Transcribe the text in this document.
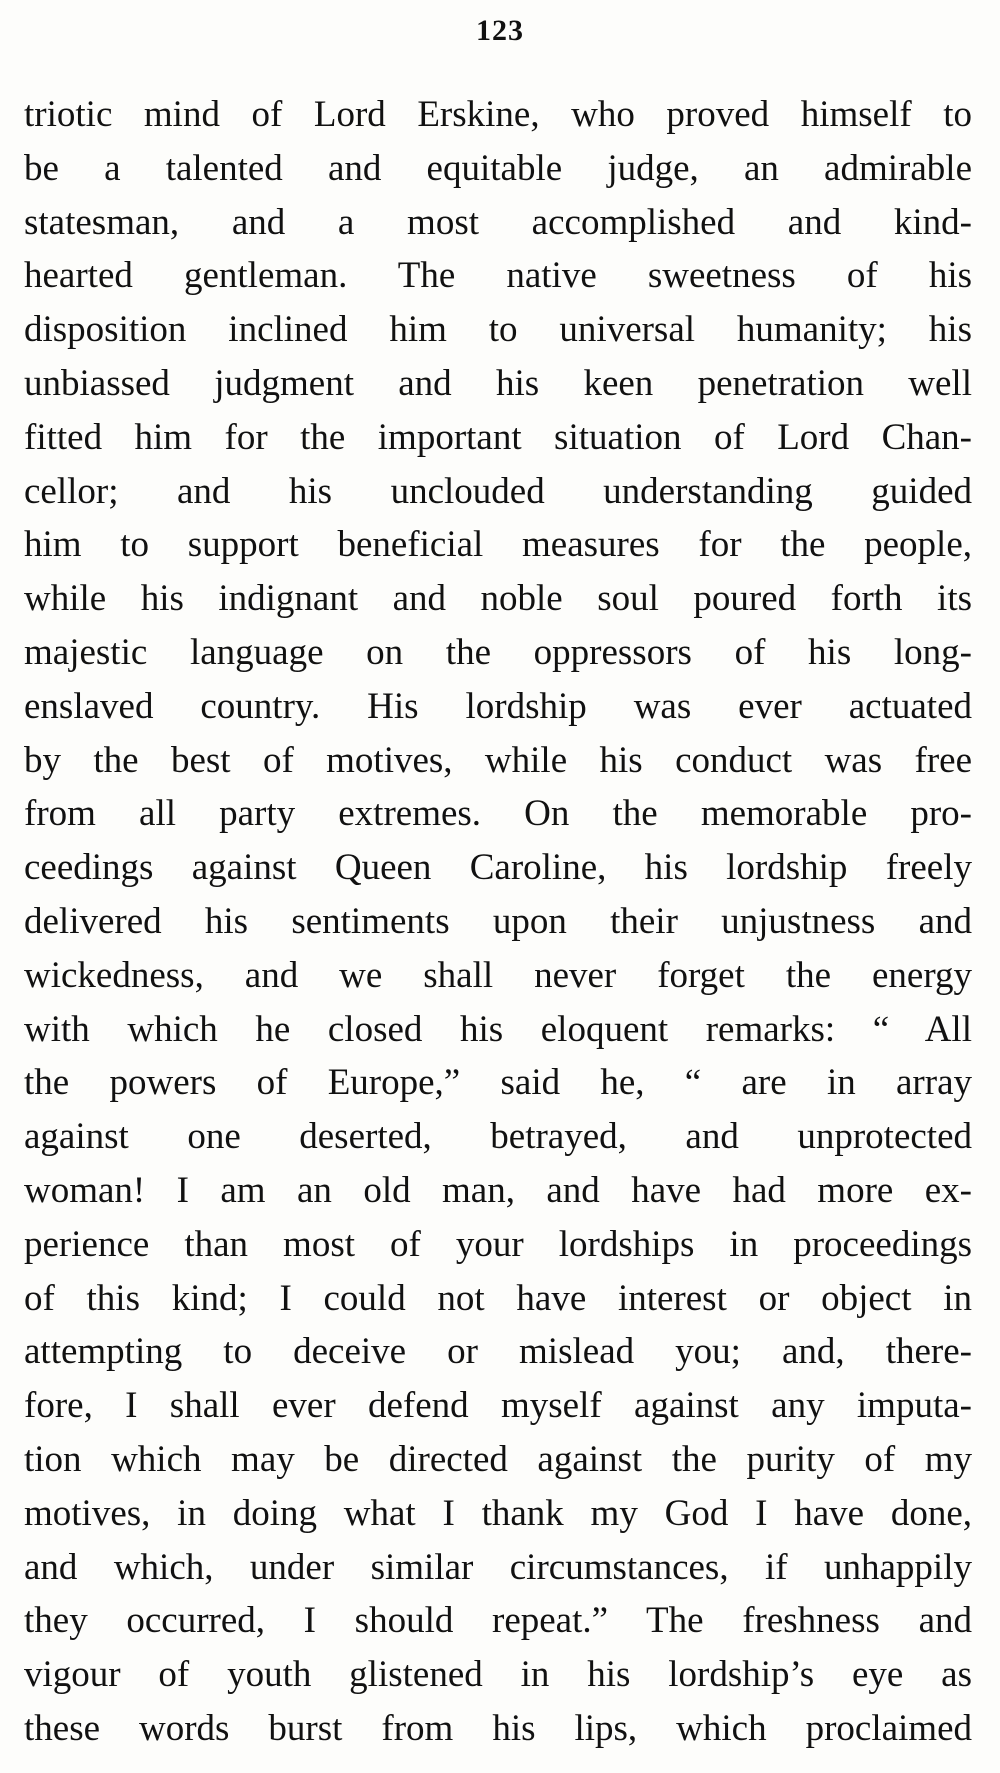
123
triotic mind of Lord Erskine, who proved himself to
be a talented and equitable judge, an admirable
statesman, and a most accomplished and kind-
hearted gentleman. The native sweetness of his
disposition inclined him to universal humanity; his
unbiassed judgment and his keen penetration well
fitted him for the important situation of Lord Chan-
cellor; and his unclouded understanding guided
him to support beneficial measures for the people,
while his indignant and noble soul poured forth its
majestic language on the oppressors of his long-
enslaved country. His lordship was ever actuated
by the best of motives, while his conduct was free
from all party extremes. On the memorable pro-
ceedings against Queen Caroline, his lordship freely
delivered his sentiments upon their unjustness and
wickedness, and we shall never forget the energy
with which he closed his eloquent remarks: “ All
the powers of Europe,” said he, “ are in array
against one deserted, betrayed, and unprotected
woman! I am an old man, and have had more ex-
perience than most of your lordships in proceedings
of this kind; I could not have interest or object in
attempting to deceive or mislead you; and, there-
fore, I shall ever defend myself against any imputa-
tion which may be directed against the purity of my
motives, in doing what I thank my God I have done,
and which, under similar circumstances, if unhappily
they occurred, I should repeat.” The freshness and
vigour of youth glistened in his lordship’s eye as
these words burst from his lips, which proclaimed
